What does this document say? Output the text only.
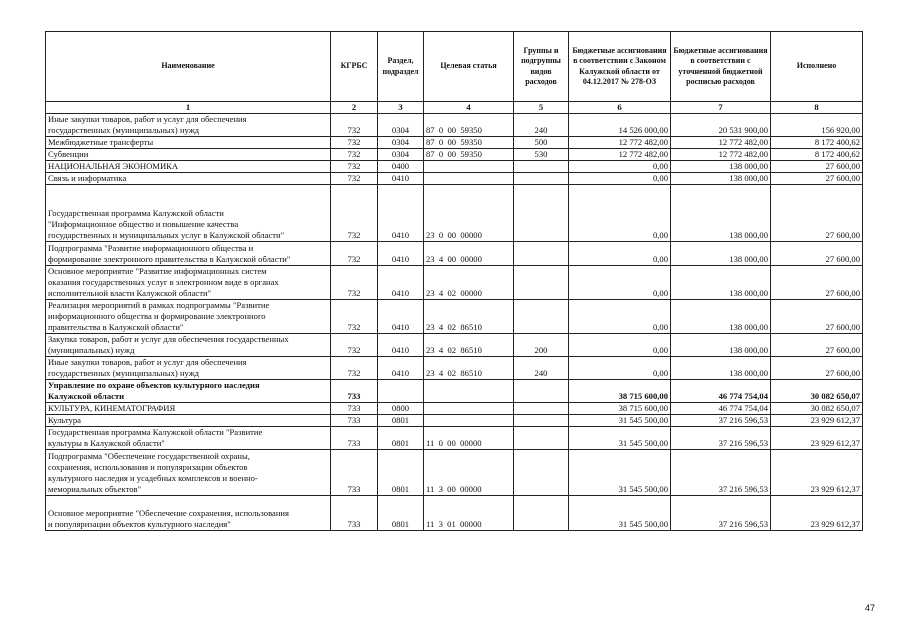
Наименование	КГРБС	Раздел, подраздел	Целевая статья	Группы и подгруппы видов расходов	Бюджетные ассигнования в соответствии с Законом Калужской области от 04.12.2017 № 278-ОЗ	Бюджетные ассигнования в соответствии с уточненной бюджетной росписью расходов	Исполнено
1	2	3	4	5	6	7	8
Иные закупки товаров, работ и услуг для обеспечения
государственных (муниципальных) нужд	732	0304	87  0  00  59350	240	14 526 000,00	20 531 900,00	156 920,00
Межбюджетные трансферты	732	0304	87  0  00  59350	500	12 772 482,00	12 772 482,00	8 172 400,62
Субвенции	732	0304	87  0  00  59350	530	12 772 482,00	12 772 482,00	8 172 400,62
НАЦИОНАЛЬНАЯ ЭКОНОМИКА	732	0400			0,00	138 000,00	27 600,00
Связь и информатика	732	0410			0,00	138 000,00	27 600,00
Государственная программа Калужской области
"Информационное общество и повышение качества
государственных и муниципальных услуг в Калужской области"	732	0410	23  0  00  00000		0,00	138 000,00	27 600,00
Подпрограмма "Развитие информационного общества и
формирование электронного правительства в Калужской области"	732	0410	23  4  00  00000		0,00	138 000,00	27 600,00
Основное мероприятие "Развитие информационных систем
оказания государственных услуг в электронном виде в органах
исполнительной власти Калужской области"	732	0410	23  4  02  00000		0,00	138 000,00	27 600,00
Реализация мероприятий в рамках подпрограммы "Развитие
информационного общества и формирование электронного
правительства в Калужской области"	732	0410	23  4  02  86510		0,00	138 000,00	27 600,00
Закупка товаров, работ и услуг для обеспечения государственных
(муниципальных) нужд	732	0410	23  4  02  86510	200	0,00	138 000,00	27 600,00
Иные закупки товаров, работ и услуг для обеспечения
государственных (муниципальных) нужд	732	0410	23  4  02  86510	240	0,00	138 000,00	27 600,00
Управление по охране объектов культурного наследия
Калужской области	733				38 715 600,00	46 774 754,04	30 082 650,07
КУЛЬТУРА, КИНЕМАТОГРАФИЯ	733	0800			38 715 600,00	46 774 754,04	30 082 650,07
Культура	733	0801			31 545 500,00	37 216 596,53	23 929 612,37
Государственная программа Калужской области "Развитие
культуры в Калужской области"	733	0801	11  0  00  00000		31 545 500,00	37 216 596,53	23 929 612,37
Подпрограмма "Обеспечение государственной охраны,
сохранения, использования и популяризации объектов
культурного наследия и усадебных комплексов и военно-
мемориальных объектов"	733	0801	11  3  00  00000		31 545 500,00	37 216 596,53	23 929 612,37
Основное мероприятие "Обеспечение сохранения, использования
и популяризации объектов культурного наследия"	733	0801	11  3  01  00000		31 545 500,00	37 216 596,53	23 929 612,37
47
